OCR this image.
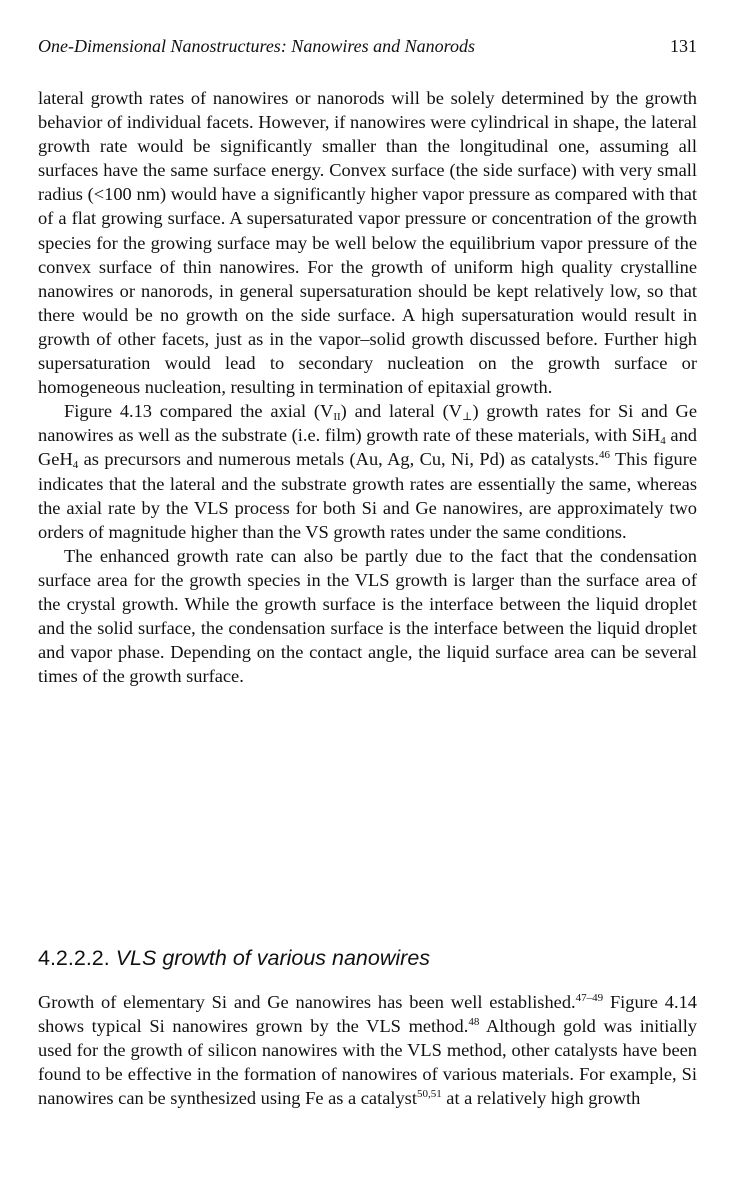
One-Dimensional Nanostructures: Nanowires and Nanorods	131

lateral growth rates of nanowires or nanorods will be solely determined by the growth behavior of individual facets. However, if nanowires were cylindrical in shape, the lateral growth rate would be significantly smaller than the longitudinal one, assuming all surfaces have the same surface energy. Convex surface (the side surface) with very small radius (<100 nm) would have a significantly higher vapor pressure as compared with that of a flat growing surface. A supersaturated vapor pressure or concentration of the growth species for the growing surface may be well below the equilibrium vapor pressure of the convex surface of thin nanowires. For the growth of uniform high quality crystalline nanowires or nanorods, in general supersaturation should be kept relatively low, so that there would be no growth on the side surface. A high supersaturation would result in growth of other facets, just as in the vapor–solid growth discussed before. Further high supersaturation would lead to secondary nucleation on the growth surface or homogeneous nucleation, resulting in termination of epitaxial growth.

Figure 4.13 compared the axial $(V_{II})$ and lateral $(V_\perp)$ growth rates for Si and Ge nanowires as well as the substrate (i.e. film) growth rate of these materials, with SiH$_4$ and GeH$_4$ as precursors and numerous metals (Au, Ag, Cu, Ni, Pd) as catalysts.$^{46}$ This figure indicates that the lateral and the substrate growth rates are essentially the same, whereas the axial rate by the VLS process for both Si and Ge nanowires, are approximately two orders of magnitude higher than the VS growth rates under the same conditions.

The enhanced growth rate can also be partly due to the fact that the condensation surface area for the growth species in the VLS growth is larger than the surface area of the crystal growth. While the growth surface is the interface between the liquid droplet and the solid surface, the condensation surface is the interface between the liquid droplet and vapor phase. Depending on the contact angle, the liquid surface area can be several times of the growth surface.

4.2.2.2. VLS growth of various nanowires

Growth of elementary Si and Ge nanowires has been well established.$^{47-49}$ Figure 4.14 shows typical Si nanowires grown by the VLS method.$^{48}$ Although gold was initially used for the growth of silicon nanowires with the VLS method, other catalysts have been found to be effective in the formation of nanowires of various materials. For example, Si nanowires can be synthesized using Fe as a catalyst$^{50,51}$ at a relatively high growth
